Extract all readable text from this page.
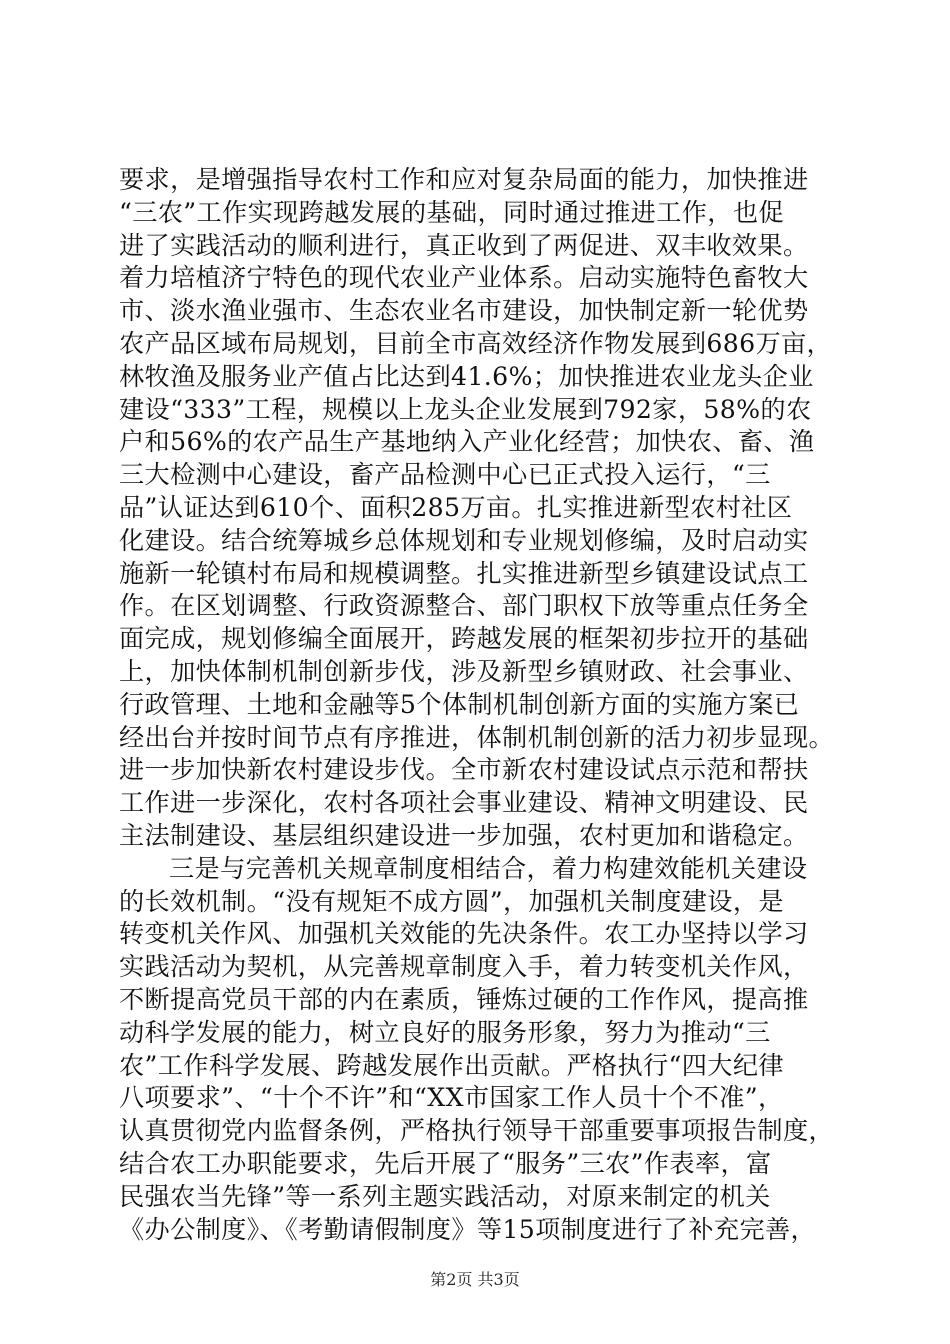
要求，是增强指导农村工作和应对复杂局面的能力，加快推进
“三农”工作实现跨越发展的基础，同时通过推进工作，也促
进了实践活动的顺利进行，真正收到了两促进、双丰收效果。
着力培植济宁特色的现代农业产业体系。启动实施特色畜牧大
市、淡水渔业强市、生态农业名市建设，加快制定新一轮优势
农产品区域布局规划，目前全市高效经济作物发展到686万亩，
林牧渔及服务业产值占比达到41.6%；加快推进农业龙头企业
建设“333”工程，规模以上龙头企业发展到792家，58%的农
户和56%的农产品生产基地纳入产业化经营；加快农、畜、渔
三大检测中心建设，畜产品检测中心已正式投入运行，“三
品”认证达到610个、面积285万亩。扎实推进新型农村社区
化建设。结合统筹城乡总体规划和专业规划修编，及时启动实
施新一轮镇村布局和规模调整。扎实推进新型乡镇建设试点工
作。在区划调整、行政资源整合、部门职权下放等重点任务全
面完成，规划修编全面展开，跨越发展的框架初步拉开的基础
上，加快体制机制创新步伐，涉及新型乡镇财政、社会事业、
行政管理、土地和金融等5个体制机制创新方面的实施方案已
经出台并按时间节点有序推进，体制机制创新的活力初步显现。
进一步加快新农村建设步伐。全市新农村建设试点示范和帮扶
工作进一步深化，农村各项社会事业建设、精神文明建设、民
主法制建设、基层组织建设进一步加强，农村更加和谐稳定。
三是与完善机关规章制度相结合，着力构建效能机关建设
的长效机制。“没有规矩不成方圆”，加强机关制度建设，是
转变机关作风、加强机关效能的先决条件。农工办坚持以学习
实践活动为契机，从完善规章制度入手，着力转变机关作风，
不断提高党员干部的内在素质，锤炼过硬的工作作风，提高推
动科学发展的能力，树立良好的服务形象，努力为推动“三
农”工作科学发展、跨越发展作出贡献。严格执行“四大纪律
八项要求”、“十个不许”和“XX市国家工作人员十个不准”，
认真贯彻党内监督条例，严格执行领导干部重要事项报告制度，
结合农工办职能要求，先后开展了“服务”三农”作表率，富
民强农当先锋”等一系列主题实践活动，对原来制定的机关
《办公制度》、《考勤请假制度》等15项制度进行了补充完善，
第2页 共3页
